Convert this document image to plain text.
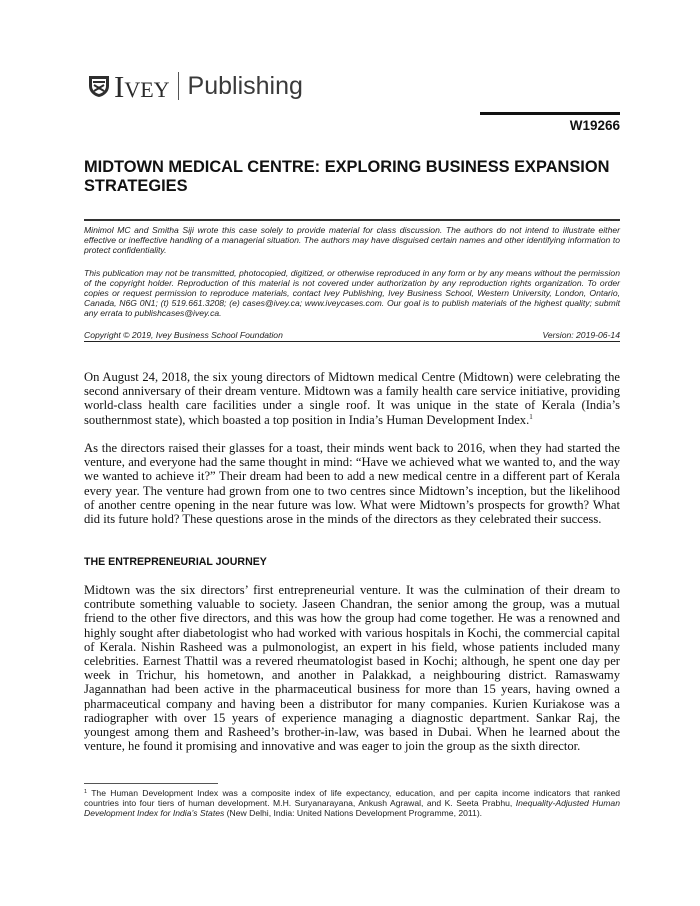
Ivey Publishing
W19266
MIDTOWN MEDICAL CENTRE: EXPLORING BUSINESS EXPANSION STRATEGIES

Minimol MC and Smitha Siji wrote this case solely to provide material for class discussion. The authors do not intend to illustrate either effective or ineffective handling of a managerial situation. The authors may have disguised certain names and other identifying information to protect confidentiality.

This publication may not be transmitted, photocopied, digitized, or otherwise reproduced in any form or by any means without the permission of the copyright holder. Reproduction of this material is not covered under authorization by any reproduction rights organization. To order copies or request permission to reproduce materials, contact Ivey Publishing, Ivey Business School, Western University, London, Ontario, Canada, N6G 0N1; (t) 519.661.3208; (e) cases@ivey.ca; www.iveycases.com. Our goal is to publish materials of the highest quality; submit any errata to publishcases@ivey.ca.

Copyright © 2019, Ivey Business School Foundation	Version: 2019-06-14

On August 24, 2018, the six young directors of Midtown medical Centre (Midtown) were celebrating the second anniversary of their dream venture. Midtown was a family health care service initiative, providing world-class health care facilities under a single roof. It was unique in the state of Kerala (India’s southernmost state), which boasted a top position in India’s Human Development Index.$^1$

As the directors raised their glasses for a toast, their minds went back to 2016, when they had started the venture, and everyone had the same thought in mind: “Have we achieved what we wanted to, and the way we wanted to achieve it?” Their dream had been to add a new medical centre in a different part of Kerala every year. The venture had grown from one to two centres since Midtown’s inception, but the likelihood of another centre opening in the near future was low. What were Midtown’s prospects for growth? What did its future hold? These questions arose in the minds of the directors as they celebrated their success.

THE ENTREPRENEURIAL JOURNEY

Midtown was the six directors’ first entrepreneurial venture. It was the culmination of their dream to contribute something valuable to society. Jaseen Chandran, the senior among the group, was a mutual friend to the other five directors, and this was how the group had come together. He was a renowned and highly sought after diabetologist who had worked with various hospitals in Kochi, the commercial capital of Kerala. Nishin Rasheed was a pulmonologist, an expert in his field, whose patients included many celebrities. Earnest Thattil was a revered rheumatologist based in Kochi; although, he spent one day per week in Trichur, his hometown, and another in Palakkad, a neighbouring district. Ramaswamy Jagannathan had been active in the pharmaceutical business for more than 15 years, having owned a pharmaceutical company and having been a distributor for many companies. Kurien Kuriakose was a radiographer with over 15 years of experience managing a diagnostic department. Sankar Raj, the youngest among them and Rasheed’s brother-in-law, was based in Dubai. When he learned about the venture, he found it promising and innovative and was eager to join the group as the sixth director.

$^1$ The Human Development Index was a composite index of life expectancy, education, and per capita income indicators that ranked countries into four tiers of human development. M.H. Suryanarayana, Ankush Agrawal, and K. Seeta Prabhu, Inequality-Adjusted Human Development Index for India’s States (New Delhi, India: United Nations Development Programme, 2011).
